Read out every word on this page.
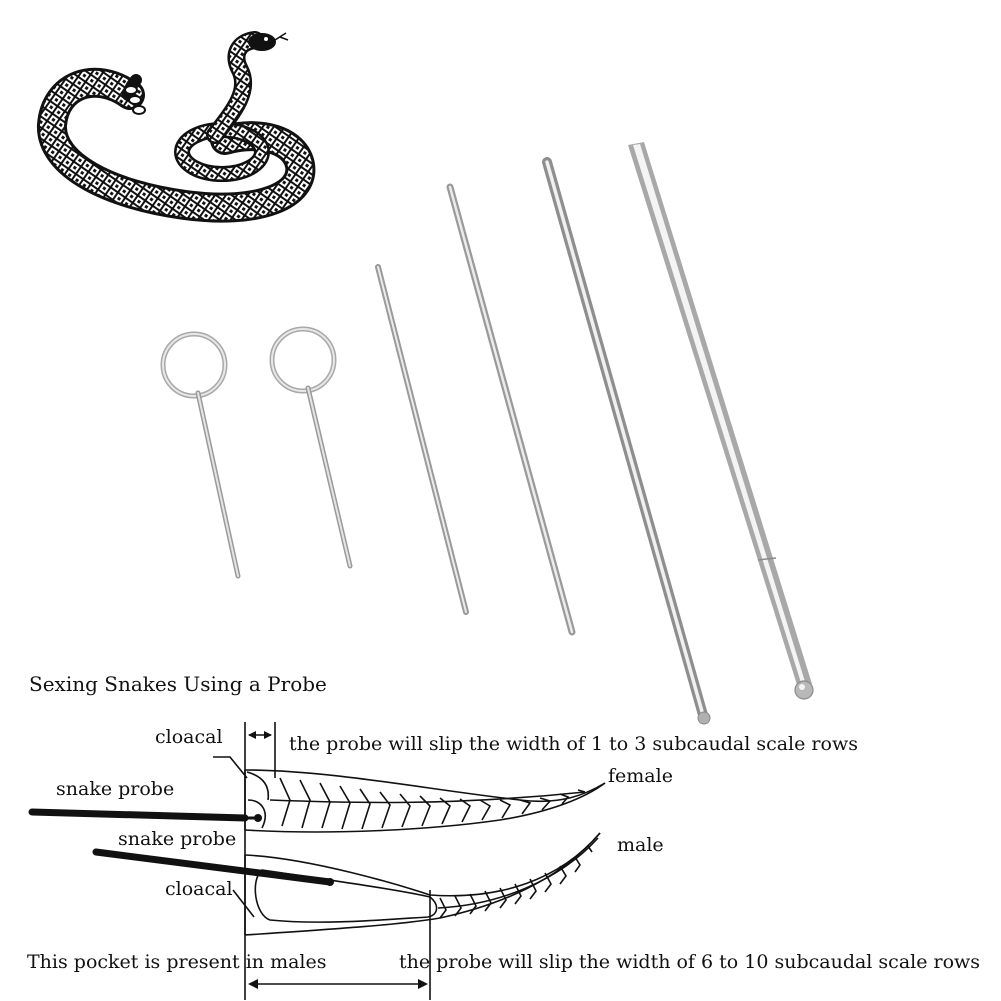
Sexing Snakes Using a Probe
cloacal	the probe will slip the width of 1 to 3 subcaudal scale rows
female
snake probe
snake probe	male
cloacal
This pocket is present in males	the probe will slip the width of 6 to 10 subcaudal scale rows
